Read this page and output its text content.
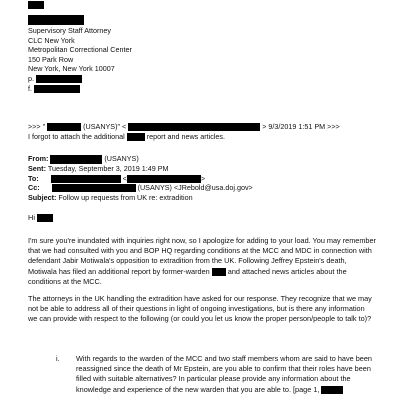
Supervisory Staff Attorney
CLC New York
Metropolitan Correctional Center
150 Park Row
New York, New York 10007
p.
f.
>>> "	(USANYS)" <	> 9/3/2019 1:51 PM >>>
I forgot to attach the additional	report and news articles.
From:	(USANYS)
Sent: Tuesday, September 3, 2019 1:49 PM
To:	<	>
Cc:	(USANYS) <JRebold@usa.doj.gov>
Subject: Follow up requests from UK re: extradition
Hi
I'm sure you're inundated with inquiries right now, so I apologize for adding to your load. You may remember that we had consulted with you and BOP HQ regarding conditions at the MCC and MDC in connection with defendant Jabir Motiwala's opposition to extradition from the UK. Following Jeffrey Epstein's death, Motiwala has filed an additional report by former-warden and attached news articles about the conditions at the MCC.
The attorneys in the UK handling the extradition have asked for our response. They recognize that we may not be able to address all of their questions in light of ongoing investigations, but is there any information we can provide with respect to the following (or could you let us know the proper person/people to talk to)?
i. With regards to the warden of the MCC and two staff members whom are said to have been reassigned since the death of Mr Epstein, are you able to confirm that their roles have been filled with suitable alternatives? In particular please provide any information about the knowledge and experience of the new warden that you are able to. [page 1,
